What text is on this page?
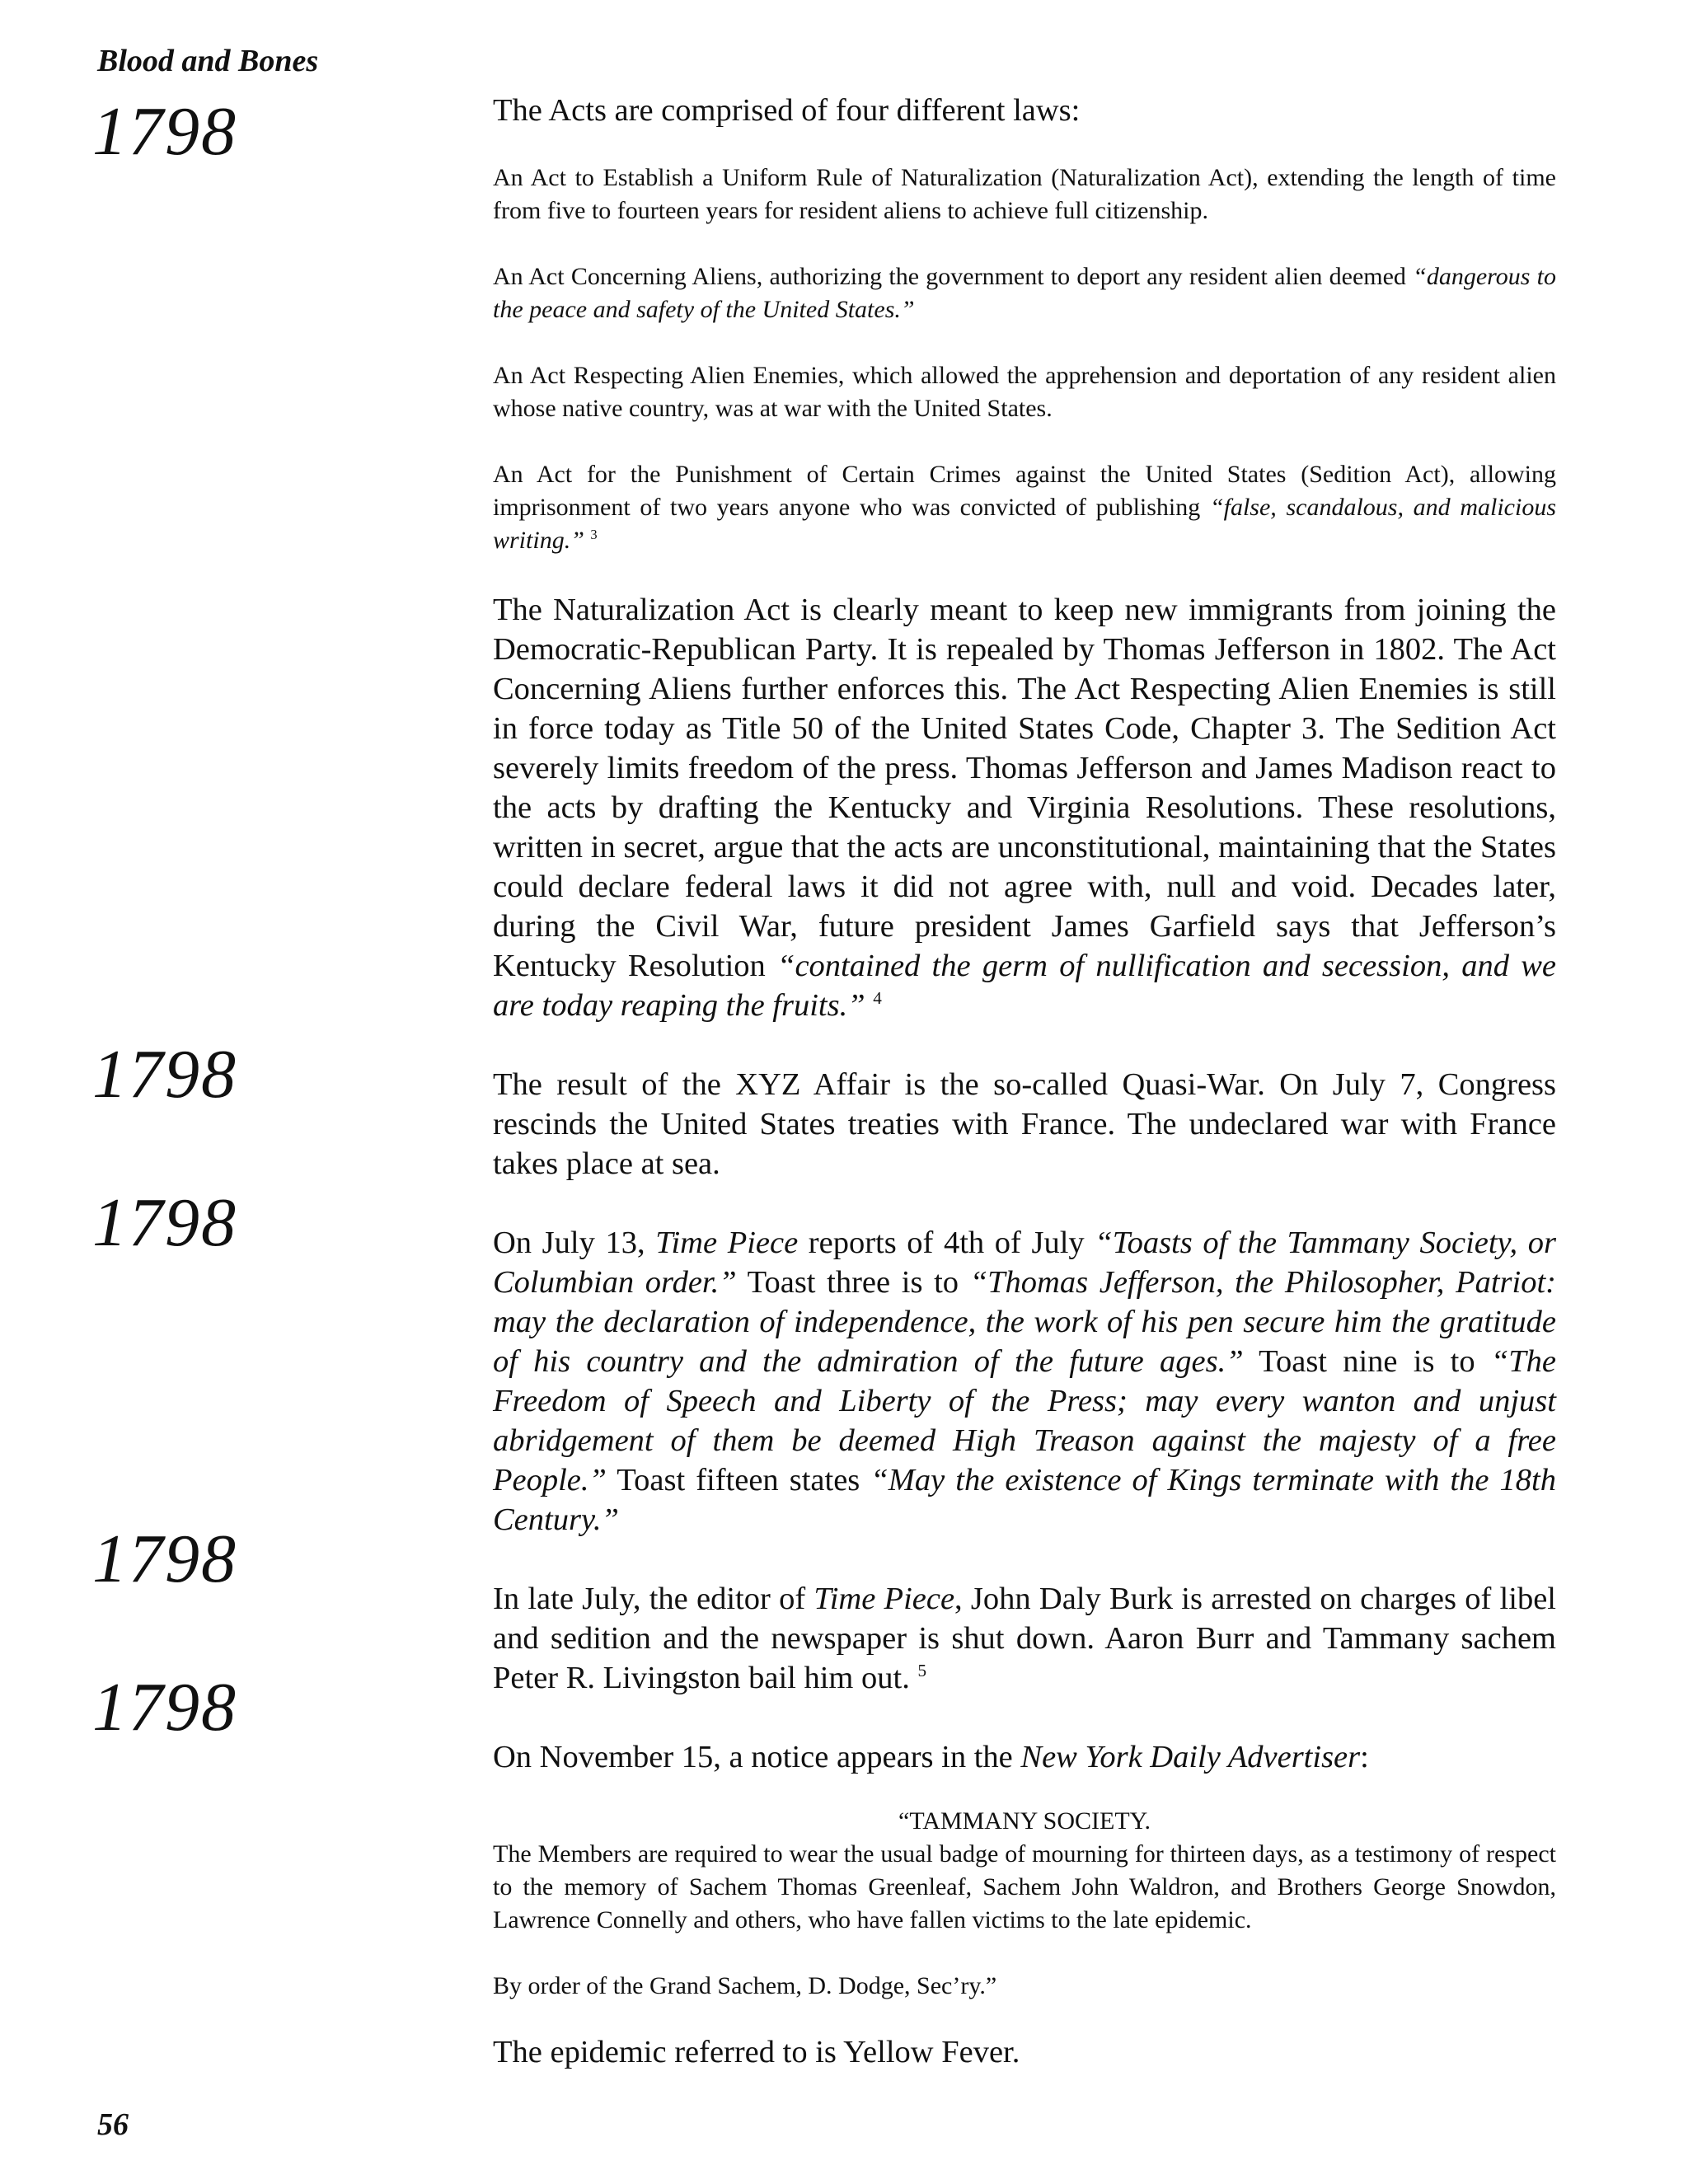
Blood and Bones

1798

1798

1798

1798

1798

The Acts are comprised of four different laws:

An Act to Establish a Uniform Rule of Naturalization (Naturalization Act), extending the length of time from five to fourteen years for resident aliens to achieve full citizenship.

An Act Concerning Aliens, authorizing the government to deport any resident alien deemed “dangerous to the peace and safety of the United States.”

An Act Respecting Alien Enemies, which allowed the apprehension and deportation of any resident alien whose native country, was at war with the United States.

An Act for the Punishment of Certain Crimes against the United States (Sedition Act), allowing imprisonment of two years anyone who was convicted of publishing “false, scandalous, and malicious writing.” $^3$

The Naturalization Act is clearly meant to keep new immigrants from joining the Democratic-Republican Party. It is repealed by Thomas Jefferson in 1802. The Act Concerning Aliens further enforces this. The Act Respecting Alien Enemies is still in force today as Title 50 of the United States Code, Chapter 3. The Sedition Act severely limits freedom of the press. Thomas Jefferson and James Madison react to the acts by drafting the Kentucky and Virginia Resolutions. These resolutions, written in secret, argue that the acts are unconstitutional, maintaining that the States could declare federal laws it did not agree with, null and void. Decades later, during the Civil War, future president James Garfield says that Jefferson’s Kentucky Resolution “contained the germ of nullification and secession, and we are today reaping the fruits.” $^4$

The result of the XYZ Affair is the so-called Quasi-War. On July 7, Congress rescinds the United States treaties with France. The undeclared war with France takes place at sea.

On July 13, Time Piece reports of 4th of July “Toasts of the Tammany Society, or Columbian order.” Toast three is to “Thomas Jefferson, the Philosopher, Patriot: may the declaration of independence, the work of his pen secure him the gratitude of his country and the admiration of the future ages.” Toast nine is to “The Freedom of Speech and Liberty of the Press; may every wanton and unjust abridgement of them be deemed High Treason against the majesty of a free People.” Toast fifteen states “May the existence of Kings terminate with the 18th Century.”

In late July, the editor of Time Piece, John Daly Burk is arrested on charges of libel and sedition and the newspaper is shut down. Aaron Burr and Tammany sachem Peter R. Livingston bail him out. $^5$

On November 15, a notice appears in the New York Daily Advertiser:

“TAMMANY SOCIETY.

The Members are required to wear the usual badge of mourning for thirteen days, as a testimony of respect to the memory of Sachem Thomas Greenleaf, Sachem John Waldron, and Brothers George Snowdon, Lawrence Connelly and others, who have fallen victims to the late epidemic.

By order of the Grand Sachem, D. Dodge, Sec’ry.”

The epidemic referred to is Yellow Fever.

56
